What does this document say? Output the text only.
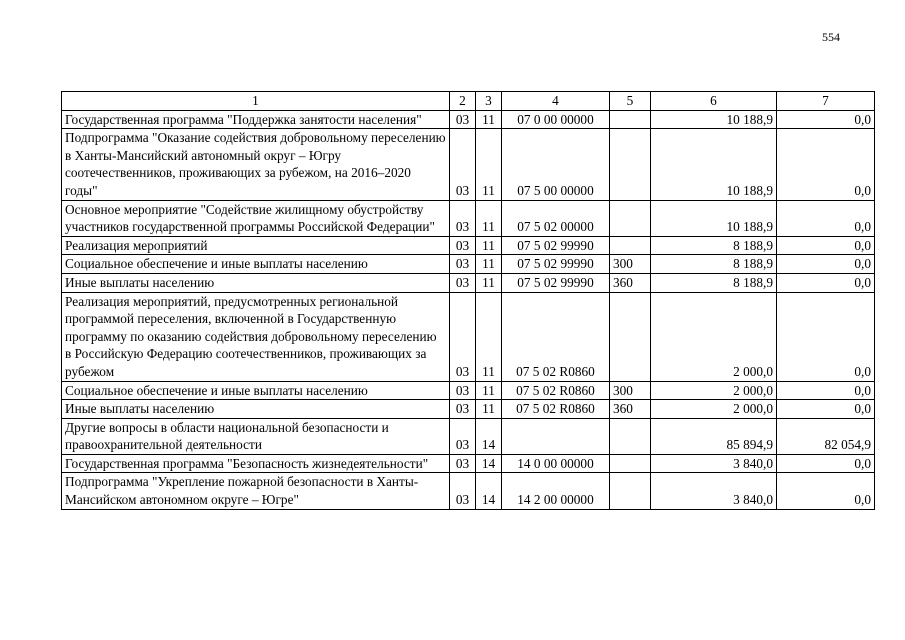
554
1	2	3	4	5	6	7
Государственная программа "Поддержка занятости населения"	03	11	07 0 00 00000		10 188,9	0,0
Подпрограмма "Оказание содействия добровольному переселению в Ханты-Мансийский автономный округ – Югру соотечественников, проживающих за рубежом, на 2016–2020 годы"	03	11	07 5 00 00000		10 188,9	0,0
Основное мероприятие "Содействие жилищному обустройству участников государственной программы Российской Федерации"	03	11	07 5 02 00000		10 188,9	0,0
Реализация мероприятий	03	11	07 5 02 99990		8 188,9	0,0
Социальное обеспечение и иные выплаты населению	03	11	07 5 02 99990	300	8 188,9	0,0
Иные выплаты населению	03	11	07 5 02 99990	360	8 188,9	0,0
Реализация мероприятий, предусмотренных региональной программой переселения, включенной в Государственную программу по оказанию содействия добровольному переселению в Российскую Федерацию соотечественников, проживающих за рубежом	03	11	07 5 02 R0860		2 000,0	0,0
Социальное обеспечение и иные выплаты населению	03	11	07 5 02 R0860	300	2 000,0	0,0
Иные выплаты населению	03	11	07 5 02 R0860	360	2 000,0	0,0
Другие вопросы в области национальной безопасности и правоохранительной деятельности	03	14			85 894,9	82 054,9
Государственная программа "Безопасность жизнедеятельности"	03	14	14 0 00 00000		3 840,0	0,0
Подпрограмма "Укрепление пожарной безопасности в Ханты-Мансийском автономном округе – Югре"	03	14	14 2 00 00000		3 840,0	0,0
